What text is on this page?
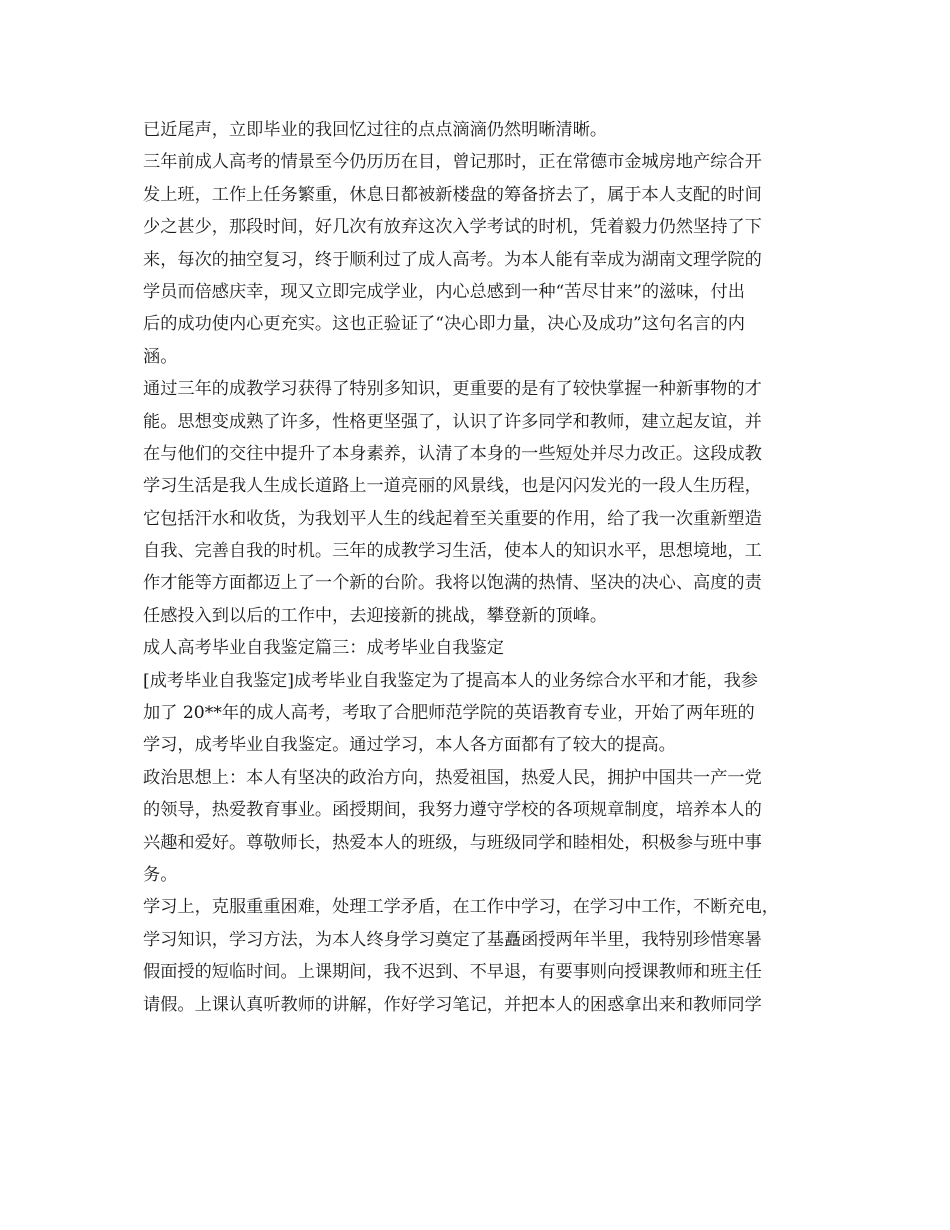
已近尾声，立即毕业的我回忆过往的点点滴滴仍然明晰清晰。
三年前成人高考的情景至今仍历历在目，曾记那时，正在常德市金城房地产综合开
发上班，工作上任务繁重，休息日都被新楼盘的筹备挤去了，属于本人支配的时间
少之甚少，那段时间，好几次有放弃这次入学考试的时机，凭着毅力仍然坚持了下
来，每次的抽空复习，终于顺利过了成人高考。为本人能有幸成为湖南文理学院的
学员而倍感庆幸，现又立即完成学业，内心总感到一种“苦尽甘来”的滋味，付出
后的成功使内心更充实。这也正验证了“决心即力量，决心及成功”这句名言的内
涵。
通过三年的成教学习获得了特别多知识，更重要的是有了较快掌握一种新事物的才
能。思想变成熟了许多，性格更坚强了，认识了许多同学和教师，建立起友谊，并
在与他们的交往中提升了本身素养，认清了本身的一些短处并尽力改正。这段成教
学习生活是我人生成长道路上一道亮丽的风景线，也是闪闪发光的一段人生历程，
它包括汗水和收货，为我划平人生的线起着至关重要的作用，给了我一次重新塑造
自我、完善自我的时机。三年的成教学习生活，使本人的知识水平，思想境地，工
作才能等方面都迈上了一个新的台阶。我将以饱满的热情、坚决的决心、高度的责
任感投入到以后的工作中，去迎接新的挑战，攀登新的顶峰。
成人高考毕业自我鉴定篇三：成考毕业自我鉴定
[成考毕业自我鉴定]成考毕业自我鉴定为了提高本人的业务综合水平和才能，我参
加了 20**年的成人高考，考取了合肥师范学院的英语教育专业，开始了两年班的
学习，成考毕业自我鉴定。通过学习，本人各方面都有了较大的提高。
政治思想上：本人有坚决的政治方向，热爱祖国，热爱人民，拥护中国共一产一党
的领导，热爱教育事业。函授期间，我努力遵守学校的各项规章制度，培养本人的
兴趣和爱好。尊敬师长，热爱本人的班级，与班级同学和睦相处，积极参与班中事
务。
学习上，克服重重困难，处理工学矛盾，在工作中学习，在学习中工作，不断充电，
学习知识，学习方法，为本人终身学习奠定了基矗函授两年半里，我特别珍惜寒暑
假面授的短临时间。上课期间，我不迟到、不早退，有要事则向授课教师和班主任
请假。上课认真听教师的讲解，作好学习笔记，并把本人的困惑拿出来和教师同学
